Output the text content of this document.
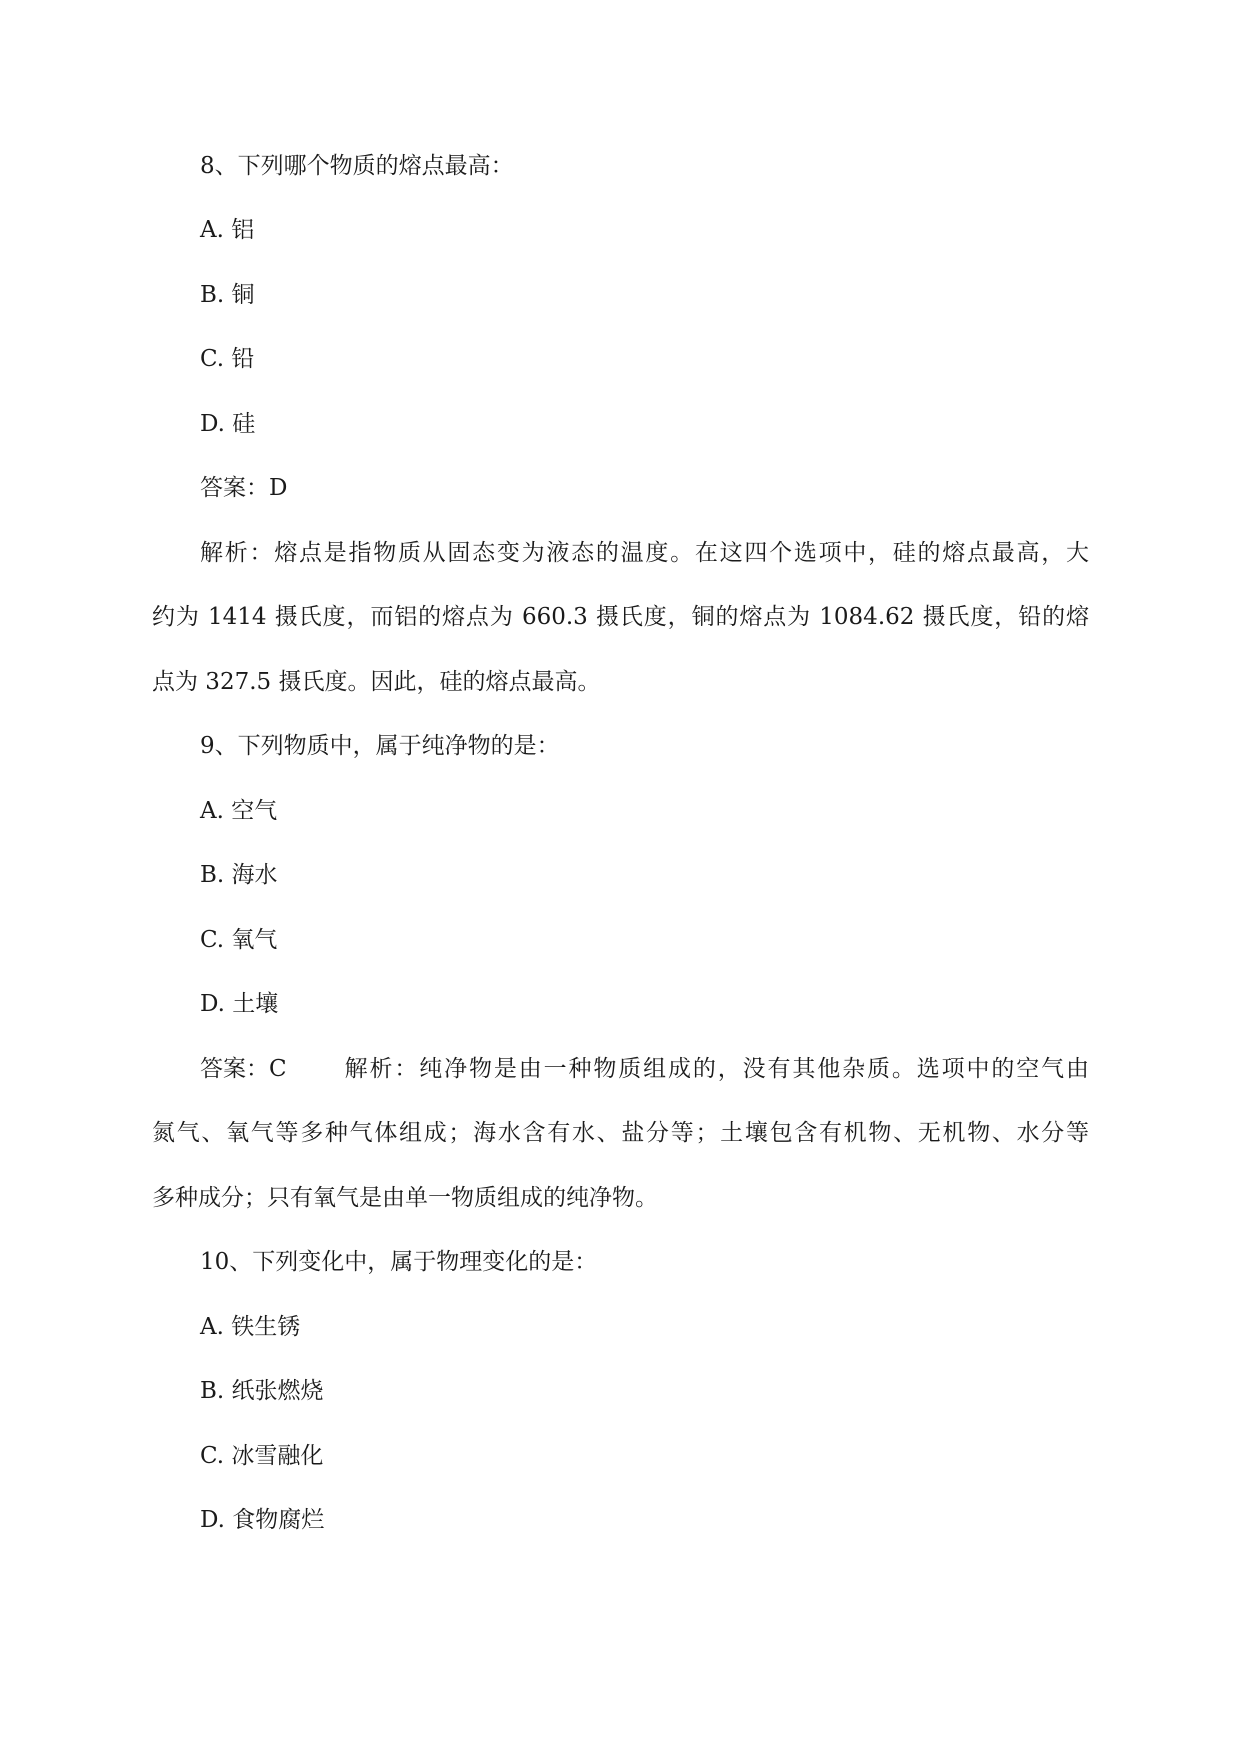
8、下列哪个物质的熔点最高：
A. 铝
B. 铜
C. 铅
D. 硅
答案：D
解析：熔点是指物质从固态变为液态的温度。在这四个选项中，硅的熔点最高，大
约为 1414 摄氏度，而铝的熔点为 660.3 摄氏度，铜的熔点为 1084.62 摄氏度，铅的熔
点为 327.5 摄氏度。因此，硅的熔点最高。
9、下列物质中，属于纯净物的是：
A. 空气
B. 海水
C. 氧气
D. 土壤
答案：C	解析：纯净物是由一种物质组成的，没有其他杂质。选项中的空气由
氮气、氧气等多种气体组成；海水含有水、盐分等；土壤包含有机物、无机物、水分等
多种成分；只有氧气是由单一物质组成的纯净物。
10、下列变化中，属于物理变化的是：
A. 铁生锈
B. 纸张燃烧
C. 冰雪融化
D. 食物腐烂
